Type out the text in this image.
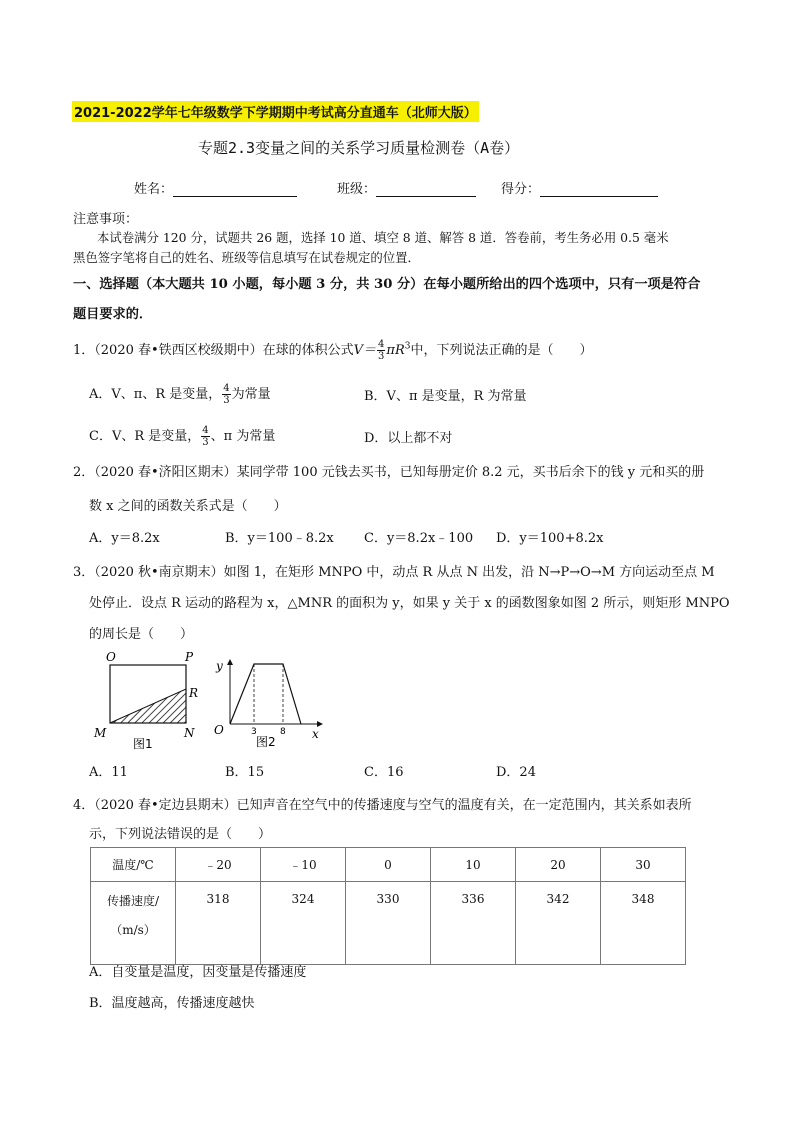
2021-2022学年七年级数学下学期期中考试高分直通车（北师大版）
专题2.3变量之间的关系学习质量检测卷（A卷）
姓名：	班级：	得分：
注意事项：
本试卷满分 120 分，试题共 26 题，选择 10 道、填空 8 道、解答 8 道．答卷前，考生务必用 0.5 毫米
黑色签字笔将自己的姓名、班级等信息填写在试卷规定的位置．
一、选择题（本大题共 10 小题，每小题 3 分，共 30 分）在每小题所给出的四个选项中，只有一项是符合
题目要求的．
1．（2020 春•铁西区校级期中）在球的体积公式$V= \frac{4}{3} \pi R^3$中，下列说法正确的是（　　）
A．V、π、R 是变量， $\frac{4}{3}$ 为常量	B．V、π 是变量，R 为常量
C．V、R 是变量， $\frac{4}{3}$ 、π 为常量	D．以上都不对
2．（2020 春•济阳区期末）某同学带 100 元钱去买书，已知每册定价 8.2 元，买书后余下的钱 y 元和买的册
数 x 之间的函数关系式是（　　）
A．y＝8.2x	B．y＝100﹣8.2x C．y＝8.2x﹣100 D．y＝100+8.2x
3．（2020 秋•南京期末）如图 1，在矩形 MNPO 中，动点 R 从点 N 出发，沿 N→P→O→M 方向运动至点 M
处停止．设点 R 运动的路程为 x，△MNR 的面积为 y，如果 y 关于 x 的函数图象如图 2 所示，则矩形 MNPO
的周长是（　　）
O	P
R
M	N
图1
y
O	x
3	8
图2
A．11	B．15	C．16	D．24
4．（2020 春•定边县期末）已知声音在空气中的传播速度与空气的温度有关，在一定范围内，其关系如表所
示，下列说法错误的是（　　）
温度/℃	﹣20	﹣10	0	10	20	30

传播速度/
（m/s）	318	324	330	336	342	348
A．自变量是温度，因变量是传播速度
B．温度越高，传播速度越快
